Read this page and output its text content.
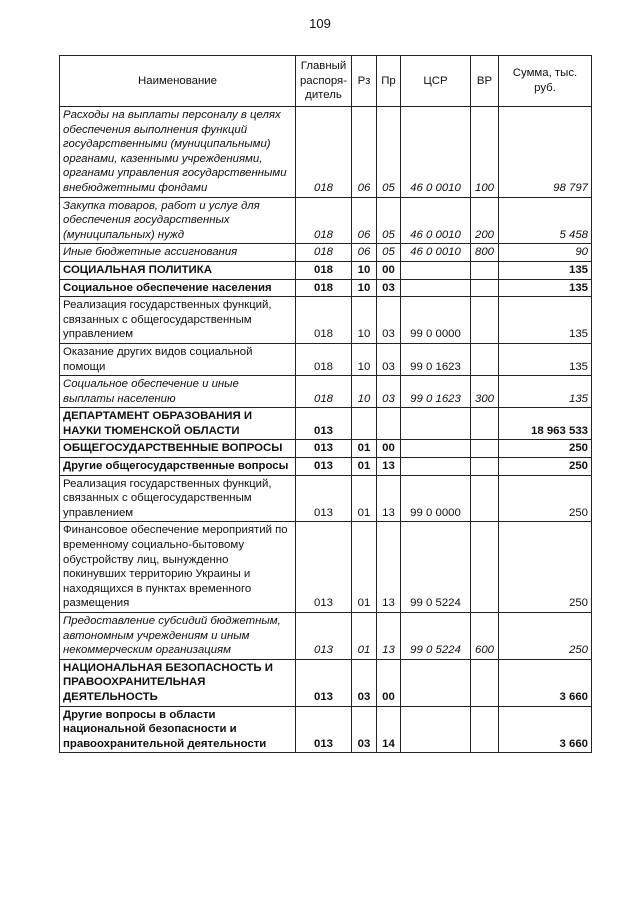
109
Наименование	Главный распоря-дитель	Рз	Пр	ЦСР	ВР	Сумма, тыс. руб.
Расходы на выплаты персоналу в целях обеспечения выполнения функций государственными (муниципальными) органами, казенными учреждениями, органами управления государственными внебюджетными фондами	018	06	05	46 0 0010	100	98 797
Закупка товаров, работ и услуг для обеспечения государственных (муниципальных) нужд	018	06	05	46 0 0010	200	5 458
Иные бюджетные ассигнования	018	06	05	46 0 0010	800	90
СОЦИАЛЬНАЯ ПОЛИТИКА	018	10	00			135
Социальное обеспечение населения	018	10	03			135
Реализация государственных функций, связанных с общегосударственным управлением	018	10	03	99 0 0000		135
Оказание других видов социальной помощи	018	10	03	99 0 1623		135
Социальное обеспечение и иные выплаты населению	018	10	03	99 0 1623	300	135
ДЕПАРТАМЕНТ ОБРАЗОВАНИЯ И НАУКИ ТЮМЕНСКОЙ ОБЛАСТИ	013					18 963 533
ОБЩЕГОСУДАРСТВЕННЫЕ ВОПРОСЫ	013	01	00			250
Другие общегосударственные вопросы	013	01	13			250
Реализация государственных функций, связанных с общегосударственным управлением	013	01	13	99 0 0000		250
Финансовое обеспечение мероприятий по временному социально-бытовому обустройству лиц, вынужденно покинувших территорию Украины и находящихся в пунктах временного размещения	013	01	13	99 0 5224		250
Предоставление субсидий бюджетным, автономным учреждениям и иным некоммерческим организациям	013	01	13	99 0 5224	600	250
НАЦИОНАЛЬНАЯ БЕЗОПАСНОСТЬ И ПРАВООХРАНИТЕЛЬНАЯ ДЕЯТЕЛЬНОСТЬ	013	03	00			3 660
Другие вопросы в области национальной безопасности и правоохранительной деятельности	013	03	14			3 660
